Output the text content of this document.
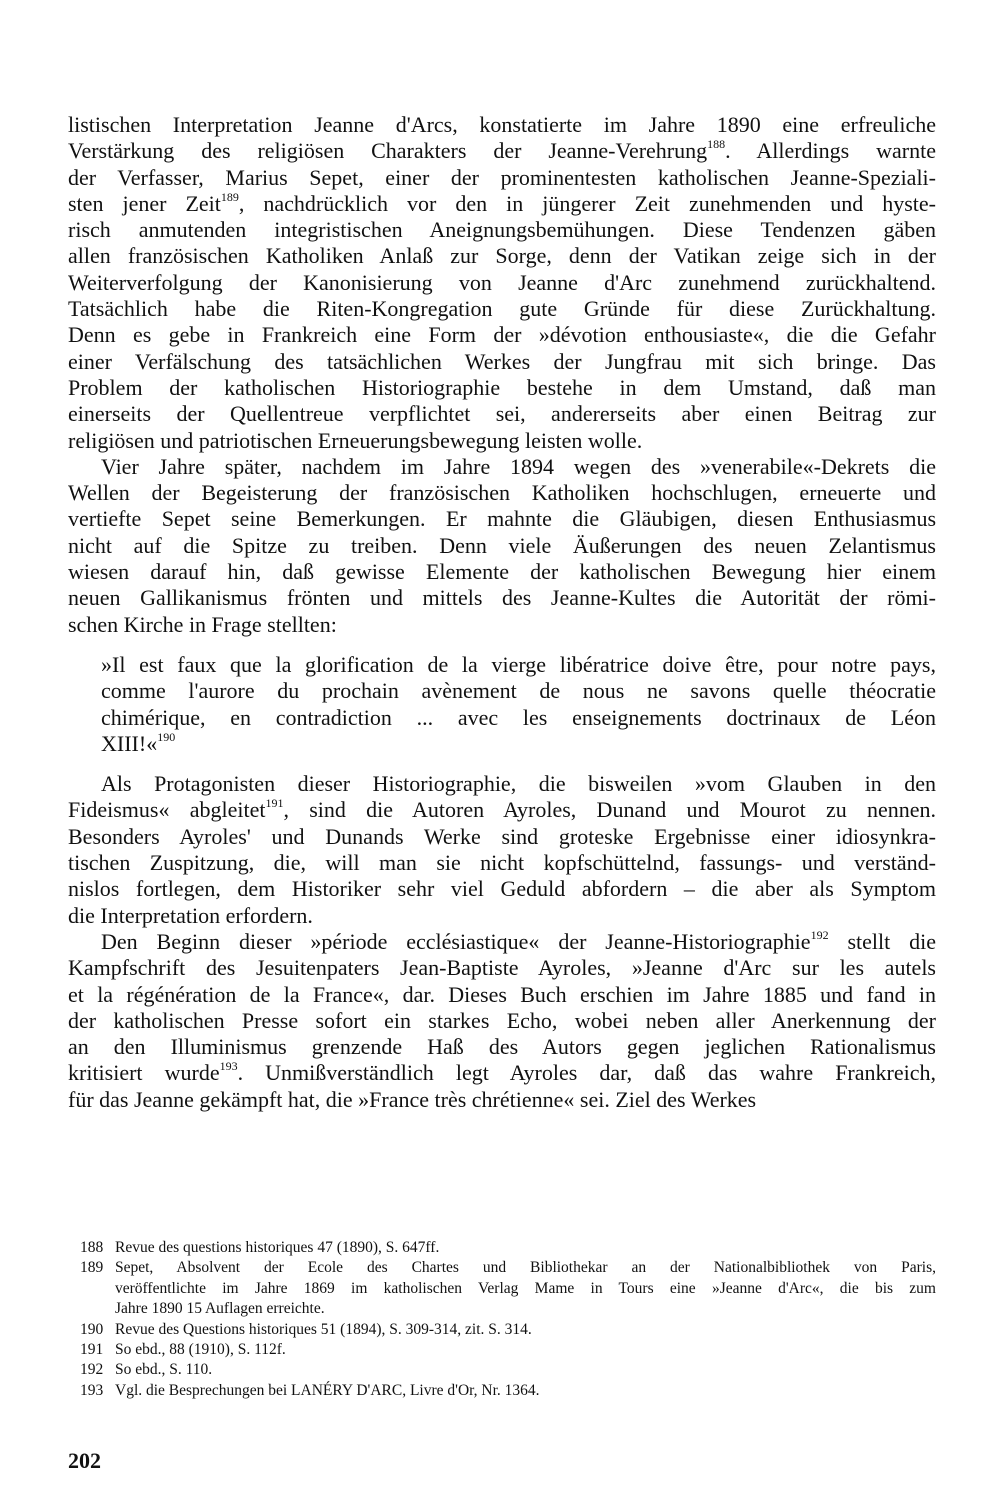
listischen Interpretation Jeanne d'Arcs, konstatierte im Jahre 1890 eine erfreuliche
Verstärkung des religiösen Charakters der Jeanne-Verehrung$^{188}$. Allerdings warnte
der Verfasser, Marius Sepet, einer der prominentesten katholischen Jeanne-Speziali-
sten jener Zeit$^{189}$, nachdrücklich vor den in jüngerer Zeit zunehmenden und hyste-
risch anmutenden integristischen Aneignungsbemühungen. Diese Tendenzen gäben
allen französischen Katholiken Anlaß zur Sorge, denn der Vatikan zeige sich in der
Weiterverfolgung der Kanonisierung von Jeanne d'Arc zunehmend zurückhaltend.
Tatsächlich habe die Riten-Kongregation gute Gründe für diese Zurückhaltung.
Denn es gebe in Frankreich eine Form der »dévotion enthousiaste«, die die Gefahr
einer Verfälschung des tatsächlichen Werkes der Jungfrau mit sich bringe. Das
Problem der katholischen Historiographie bestehe in dem Umstand, daß man
einerseits der Quellentreue verpflichtet sei, andererseits aber einen Beitrag zur
religiösen und patriotischen Erneuerungsbewegung leisten wolle.
Vier Jahre später, nachdem im Jahre 1894 wegen des »venerabile«-Dekrets die
Wellen der Begeisterung der französischen Katholiken hochschlugen, erneuerte und
vertiefte Sepet seine Bemerkungen. Er mahnte die Gläubigen, diesen Enthusiasmus
nicht auf die Spitze zu treiben. Denn viele Äußerungen des neuen Zelantismus
wiesen darauf hin, daß gewisse Elemente der katholischen Bewegung hier einem
neuen Gallikanismus frönten und mittels des Jeanne-Kultes die Autorität der römi-
schen Kirche in Frage stellten:
»Il est faux que la glorification de la vierge libératrice doive être, pour notre pays,
comme l'aurore du prochain avènement de nous ne savons quelle théocratie
chimérique, en contradiction ... avec les enseignements doctrinaux de Léon
XIII!«$^{190}$
Als Protagonisten dieser Historiographie, die bisweilen »vom Glauben in den
Fideismus« abgleitet$^{191}$, sind die Autoren Ayroles, Dunand und Mourot zu nennen.
Besonders Ayroles' und Dunands Werke sind groteske Ergebnisse einer idiosynkra-
tischen Zuspitzung, die, will man sie nicht kopfschüttelnd, fassungs- und verständ-
nislos fortlegen, dem Historiker sehr viel Geduld abfordern – die aber als Symptom
die Interpretation erfordern.
Den Beginn dieser »période ecclésiastique« der Jeanne-Historiographie$^{192}$ stellt die
Kampfschrift des Jesuitenpaters Jean-Baptiste Ayroles, »Jeanne d'Arc sur les autels
et la régénération de la France«, dar. Dieses Buch erschien im Jahre 1885 und fand in
der katholischen Presse sofort ein starkes Echo, wobei neben aller Anerkennung der
an den Illuminismus grenzende Haß des Autors gegen jeglichen Rationalismus
kritisiert wurde$^{193}$. Unmißverständlich legt Ayroles dar, daß das wahre Frankreich,
für das Jeanne gekämpft hat, die »France très chrétienne« sei. Ziel des Werkes
188 Revue des questions historiques 47 (1890), S. 647ff.
189 Sepet, Absolvent der Ecole des Chartes und Bibliothekar an der Nationalbibliothek von Paris,
veröffentlichte im Jahre 1869 im katholischen Verlag Mame in Tours eine »Jeanne d'Arc«, die bis zum
Jahre 1890 15 Auflagen erreichte.
190 Revue des Questions historiques 51 (1894), S. 309-314, zit. S. 314.
191 So ebd., 88 (1910), S. 112f.
192 So ebd., S. 110.
193 Vgl. die Besprechungen bei LANÉRY D'ARC, Livre d'Or, Nr. 1364.
202
